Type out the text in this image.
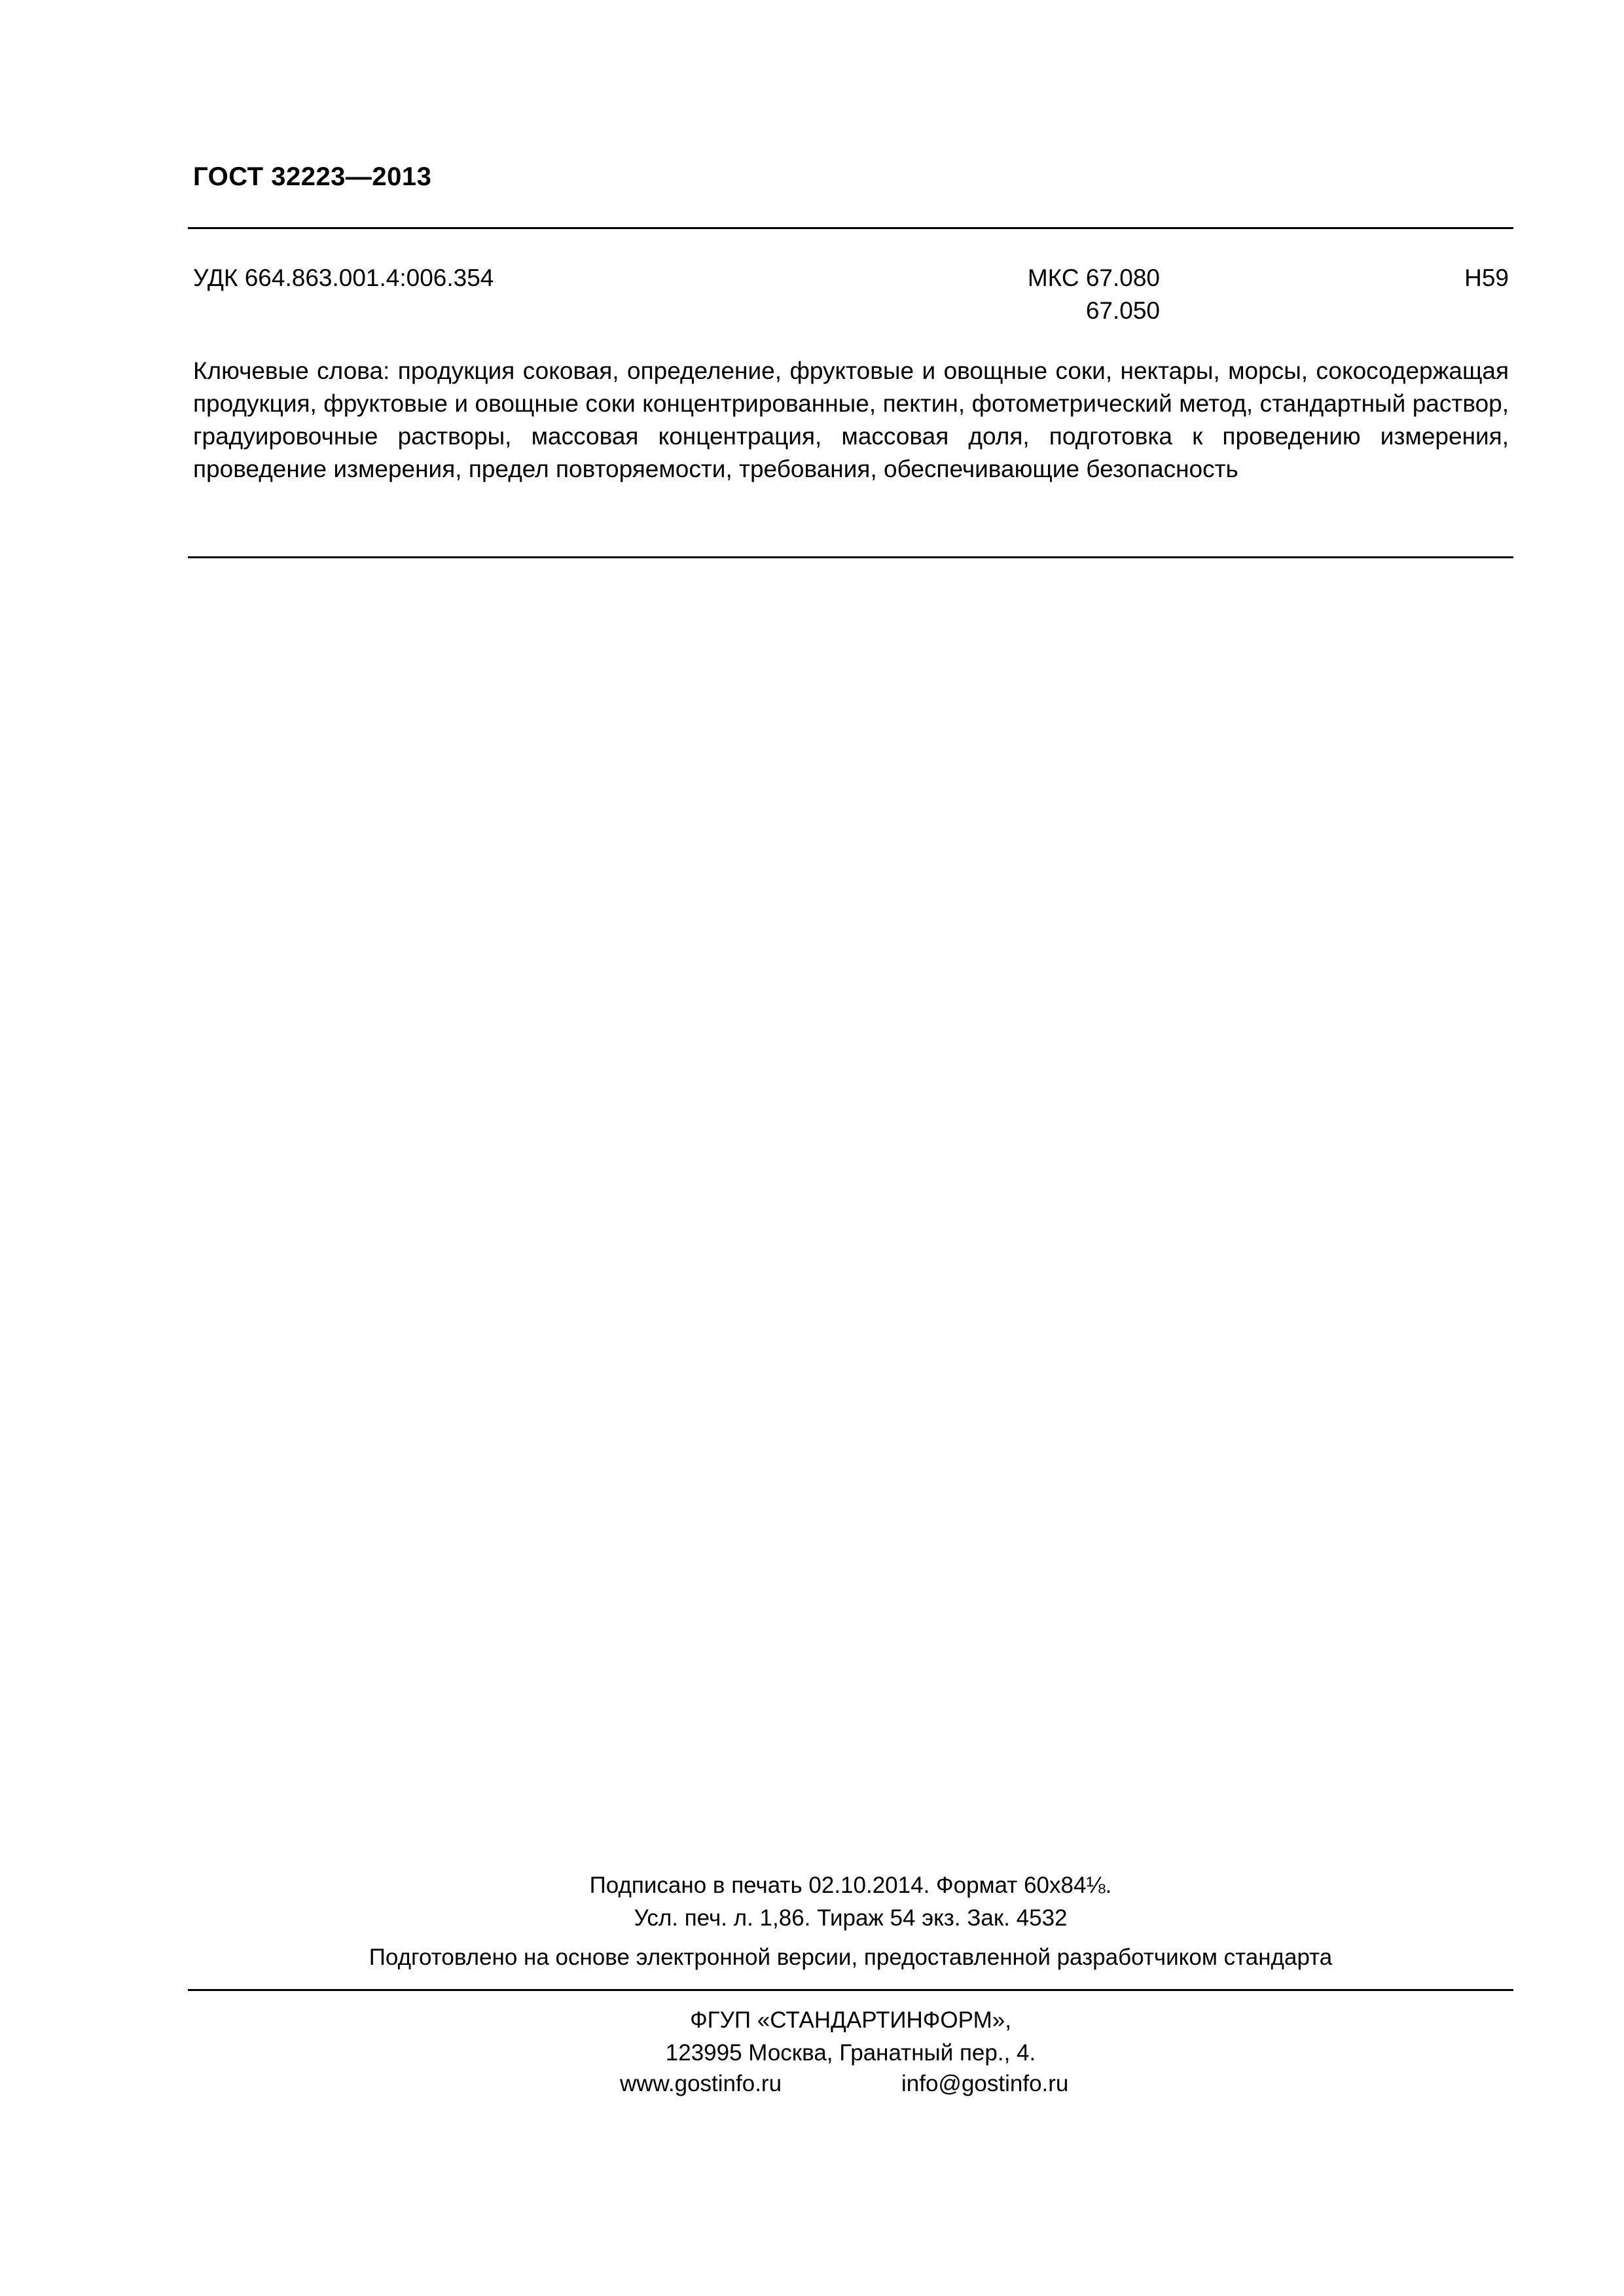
ГОСТ 32223—2013
УДК 664.863.001.4:006.354	МКС 67.080
67.050
Н59
Ключевые слова: продукция соковая, определение, фруктовые и овощные соки, нектары, морсы, сокосодержащая продукция, фруктовые и овощные соки концентрированные, пектин, фотометрический метод, стандартный раствор, градуировочные растворы, массовая концентрация, массовая доля, подготовка к проведению измерения, проведение измерения, предел повторяемости, требования, обеспечивающие безопасность
Подписано в печать 02.10.2014. Формат 60x84⅛.
Усл. печ. л. 1,86. Тираж 54 экз. Зак. 4532
Подготовлено на основе электронной версии, предоставленной разработчиком стандарта
ФГУП «СТАНДАРТИНФОРМ»,
123995 Москва, Гранатный пер., 4.
www.gostinfo.ru	info@gostinfo.ru
